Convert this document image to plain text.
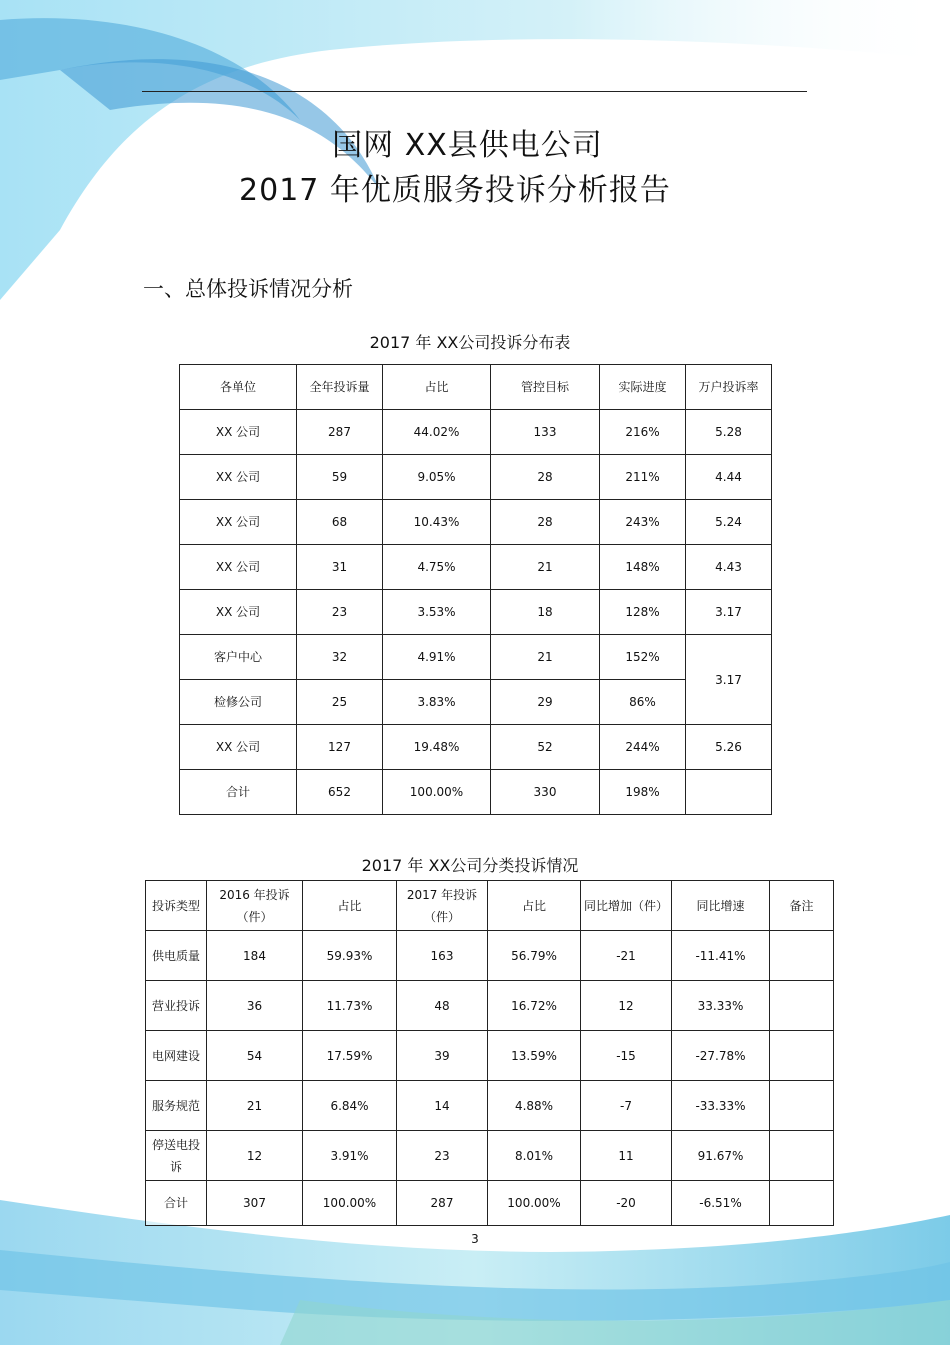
国网 XX县供电公司
2017 年优质服务投诉分析报告
一、总体投诉情况分析
2017 年 XX公司投诉分布表
各单位	全年投诉量	占比	管控目标	实际进度	万户投诉率
XX 公司	287	44.02%	133	216%	5.28
XX 公司	59	9.05%	28	211%	4.44
XX 公司	68	10.43%	28	243%	5.24
XX 公司	31	4.75%	21	148%	4.43
XX 公司	23	3.53%	18	128%	3.17
客户中心	32	4.91%	21	152%	3.17
检修公司	25	3.83%	29	86%	
XX 公司	127	19.48%	52	244%	5.26
合计	652	100.00%	330	198%	
2017 年 XX公司分类投诉情况
投诉类型	2016 年投诉（件）	占比	2017 年投诉（件）	占比	同比增加（件）	同比增速	备注
供电质量	184	59.93%	163	56.79%	-21	-11.41%	
营业投诉	36	11.73%	48	16.72%	12	33.33%	
电网建设	54	17.59%	39	13.59%	-15	-27.78%	
服务规范	21	6.84%	14	4.88%	-7	-33.33%	
停送电投诉	12	3.91%	23	8.01%	11	91.67%	
合计	307	100.00%	287	100.00%	-20	-6.51%	
3
